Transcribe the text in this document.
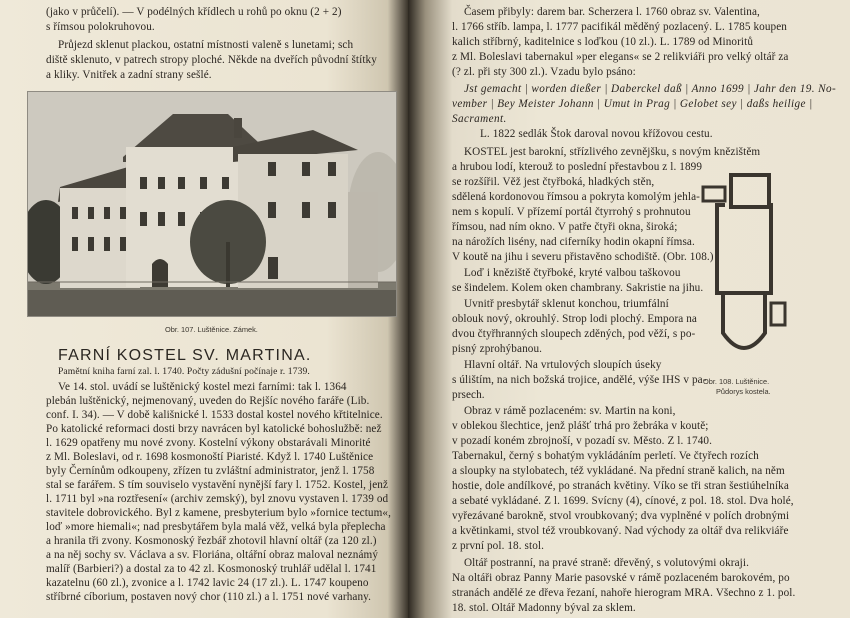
(jako v průčelí). — V podélných křídlech u rohů po oknu (2 + 2)
s římsou polokruhovou.
Průjezd sklenut plackou, ostatní místnosti valeně s lunetami; sch
diště sklenuto, v patrech stropy ploché. Někde na dveřích původní štítky
a kliky. Vnitřek a zadní strany sešlé.
Obr. 107. Luštěnice. Zámek.
FARNÍ KOSTEL SV. MARTINA.
Pamětní kniha farní zal. l. 1740. Počty zádušní počínaje r. 1739.
Ve 14. stol. uvádí se luštěnický kostel mezi farními: tak l. 1364
plebán luštěnický, nejmenovaný, uveden do Rejšíc nového faráře (Lib.
conf. I. 34). — V době kališnické l. 1533 dostal kostel nového křtitelnice.
Po katolické reformaci dosti brzy navrácen byl katolické bohoslužbě: než
l. 1629 opatřeny mu nové zvony. Kostelní výkony obstarávali Minorité
z Ml. Boleslavi, od r. 1698 kosmonoští Piaristé. Když l. 1740 Luštěnice
byly Černínům odkoupeny, zřízen tu zvláštní administrator, jenž l. 1758
stal se farářem. S tím souviselo vystavění nynější fary l. 1752. Kostel, jenž
l. 1711 byl »na roztřesení« (archiv zemský), byl znovu vystaven l. 1739 od
stavitele dobrovického. Byl z kamene, presbyterium bylo »fornice tectum«,
loď »more hiemali«; nad presbytářem byla malá věž, velká byla přeplecha
a hranila tři zvony. Kosmonoský řezbář zhotovil hlavní oltář (za 120 zl.)
a na něj sochy sv. Václava a sv. Floriána, oltářní obraz maloval neznámý
malíř (Barbieri?) a dostal za to 42 zl. Kosmonoský truhlář udělal l. 1741
kazatelnu (60 zl.), zvonice a l. 1742 lavic 24 (17 zl.). L. 1747 koupeno
stříbrné cíborium, postaven nový chor (110 zl.) a l. 1751 nové varhany.
Časem přibyly: darem bar. Scherzera l. 1760 obraz sv. Valentina,
l. 1766 stříb. lampa, l. 1777 pacifikál měděný pozlacený. L. 1785 koupen
kalich stříbrný, kaditelnice s loďkou (10 zl.). L. 1789 od Minoritů
z Ml. Boleslavi tabernakul »per elegans« se 2 relikviáři pro velký oltář za
(? zl. při sty 300 zl.). Vzadu bylo psáno:
Jst gemacht | worden dießer | Daberckel daß | Anno 1699 | Jahr den 19. No-
vember | Bey Meister Johann | Umut in Prag | Gelobet sey | daßs heilige |
Sacrament.
L. 1822 sedlák Štok daroval novou křížovou cestu.
KOSTEL jest barokní, střízlivého zevnějšku, s novým knězištěm
a hrubou lodí, kterouž to poslední přestavbou z l. 1899
se rozšířil. Věž jest čtyřboká, hladkých stěn,
sdělená kordonovou římsou a pokryta komolým jehla-
nem s kopulí. V přízemí portál čtyrrohý s prohnutou
římsou, nad ním okno. V patře čtyři okna, široká;
na nárožích lisény, nad ciferníky hodin okapní římsa.
V koutě na jihu i severu přistavěno schodiště. (Obr. 108.)
Loď i kněziště čtyřboké, kryté valbou taškovou
se šindelem. Kolem oken chambrany. Sakristie na jihu.
Uvnitř presbytář sklenut konchou, triumfální
oblouk nový, okrouhlý. Strop lodi plochý. Empora na
dvou čtyřhranných sloupech zděných, pod věží, s po-
pisný zprohýbanou.
Hlavní oltář. Na vrtulových sloupích úseky
s úlištím, na nich božská trojice, andělé, výše IHS v pa-
prsech.
Obraz v rámě pozlaceném: sv. Martin na koni,
v oblekou šlechtice, jenž plášť trhá pro žebráka v koutě;
v pozadí koném zbrojnoší, v pozadí sv. Město. Z l. 1740.
Tabernakul, černý s bohatým vykládáním perletí. Ve čtyřech rozích
a sloupky na stylobatech, též vykládané. Na přední straně kalich, na něm
hostie, dole andílkové, po stranách květiny. Víko se tři stran šestiúhelníka
a sebaté vykládané. Z l. 1699. Svícny (4), cínové, z pol. 18. stol. Dva holé,
vyřezávané barokně, stvol vroubkovaný; dva vyplněné v polích drobnými
a květinkami, stvol též vroubkovaný. Nad východy za oltář dva relikviáře
z první pol. 18. stol.
Oltář postranní, na pravé straně: dřevěný, s volutovými okraji.
Na oltáři obraz Panny Marie pasovské v rámě pozlaceném barokovém, po
stranách andělé ze dřeva řezaní, nahoře hierogram MRA. Všechno z 1. pol.
18. stol. Oltář Madonny býval za sklem.
Obr. 108. Luštěnice.
Půdorys kostela.
